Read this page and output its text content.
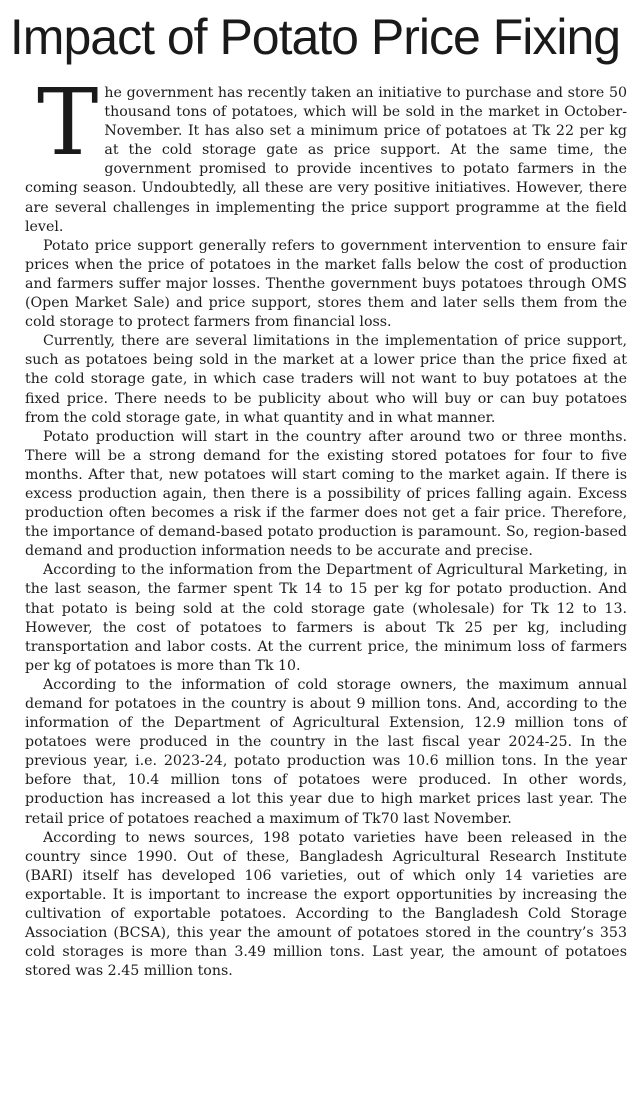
Impact of Potato Price Fixing

The government has recently taken an initiative to purchase and store 50 thousand tons of potatoes, which will be sold in the market in October-November. It has also set a minimum price of potatoes at Tk 22 per kg at the cold storage gate as price support. At the same time, the government promised to provide incentives to potato farmers in the coming season. Undoubtedly, all these are very positive initiatives. However, there are several challenges in implementing the price support programme at the field level.

Potato price support generally refers to government intervention to ensure fair prices when the price of potatoes in the market falls below the cost of production and farmers suffer major losses. Thenthe government buys potatoes through OMS (Open Market Sale) and price support, stores them and later sells them from the cold storage to protect farmers from financial loss.

Currently, there are several limitations in the implementation of price support, such as potatoes being sold in the market at a lower price than the price fixed at the cold storage gate, in which case traders will not want to buy potatoes at the fixed price. There needs to be publicity about who will buy or can buy potatoes from the cold storage gate, in what quantity and in what manner.

Potato production will start in the country after around two or three months. There will be a strong demand for the existing stored potatoes for four to five months. After that, new potatoes will start coming to the market again. If there is excess production again, then there is a possibility of prices falling again. Excess production often becomes a risk if the farmer does not get a fair price. Therefore, the importance of demand-based potato production is paramount. So, region-based demand and production information needs to be accurate and precise.

According to the information from the Department of Agricultural Marketing, in the last season, the farmer spent Tk 14 to 15 per kg for potato production. And that potato is being sold at the cold storage gate (wholesale) for Tk 12 to 13. However, the cost of potatoes to farmers is about Tk 25 per kg, including transportation and labor costs. At the current price, the minimum loss of farmers per kg of potatoes is more than Tk 10.

According to the information of cold storage owners, the maximum annual demand for potatoes in the country is about 9 million tons. And, according to the information of the Department of Agricultural Extension, 12.9 million tons of potatoes were produced in the country in the last fiscal year 2024-25. In the previous year, i.e. 2023-24, potato production was 10.6 million tons. In the year before that, 10.4 million tons of potatoes were produced. In other words, production has increased a lot this year due to high market prices last year. The retail price of potatoes reached a maximum of Tk70 last November.

According to news sources, 198 potato varieties have been released in the country since 1990. Out of these, Bangladesh Agricultural Research Institute (BARI) itself has developed 106 varieties, out of which only 14 varieties are exportable. It is important to increase the export opportunities by increasing the cultivation of exportable potatoes. According to the Bangladesh Cold Storage Association (BCSA), this year the amount of potatoes stored in the country’s 353 cold storages is more than 3.49 million tons. Last year, the amount of potatoes stored was 2.45 million tons.
